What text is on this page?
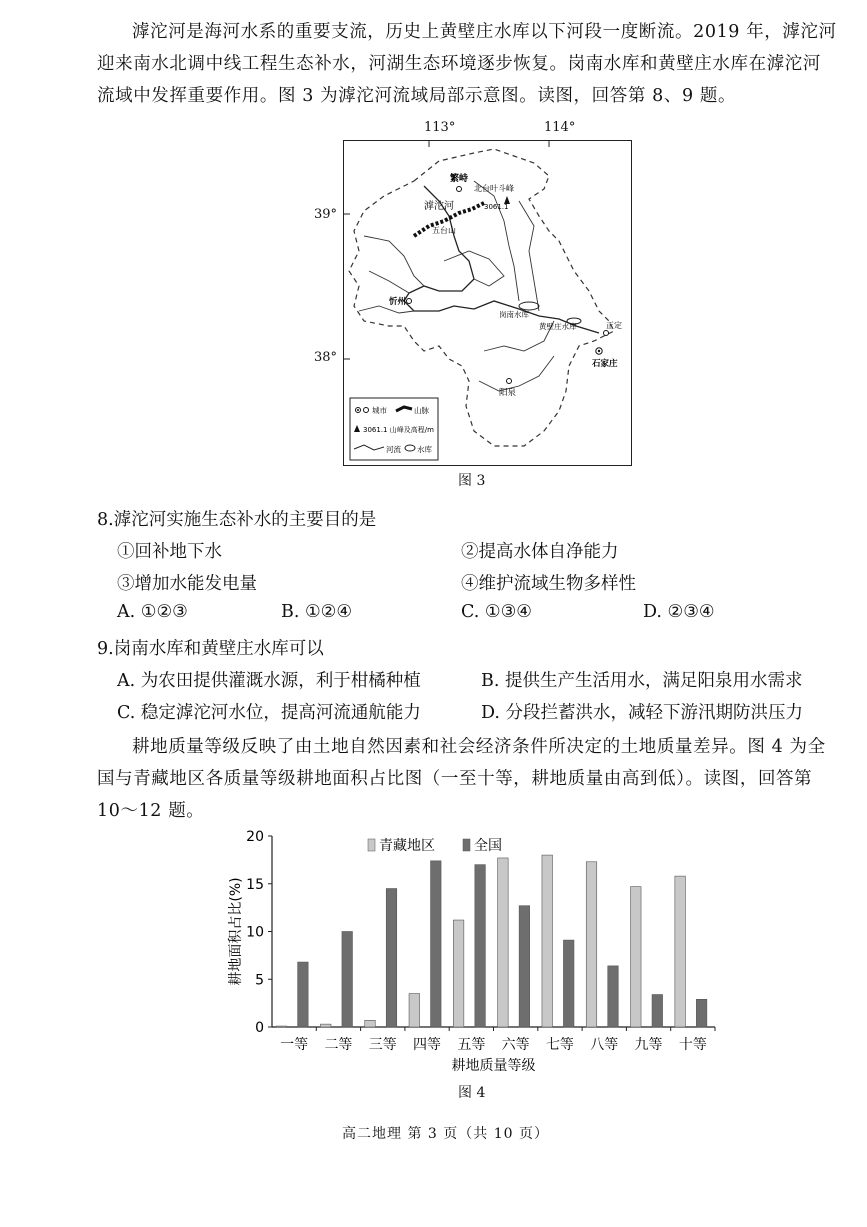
滹沱河是海河水系的重要支流，历史上黄壁庄水库以下河段一度断流。2019 年，滹沱河迎来南水北调中线工程生态补水，河湖生态环境逐步恢复。岗南水库和黄壁庄水库在滹沱河流域中发挥重要作用。图 3 为滹沱河流域局部示意图。读图，回答第 8、9 题。
113°	114°
39°
38°
繁峙
北台叶斗峰
3061.1
五台山
忻州
岗南水库
黄壁庄水库	正定
石家庄
阳泉
滹沱河
城市	山脉
3061.1 山峰及高程/m
河流 水库
图 3
8.滹沱河实施生态补水的主要目的是
①回补地下水	②提高水体自净能力
③增加水能发电量	④维护流域生物多样性
A. ①②③	B. ①②④	C. ①③④	D. ②③④
9.岗南水库和黄壁庄水库可以
A. 为农田提供灌溉水源，利于柑橘种植	B. 提供生产生活用水，满足阳泉用水需求
C. 稳定滹沱河水位，提高河流通航能力	D. 分段拦蓄洪水，减轻下游汛期防洪压力
耕地质量等级反映了由土地自然因素和社会经济条件所决定的土地质量差异。图 4 为全国与青藏地区各质量等级耕地面积占比图（一至十等，耕地质量由高到低）。读图，回答第 10～12 题。
0
5
10
15
20
耕地面积占比(%)
一等 二等 三等 四等 五等 六等 七等 八等 九等 十等
耕地质量等级
青藏地区	全国
图 4
高二地理 第 3 页（共 10 页）
